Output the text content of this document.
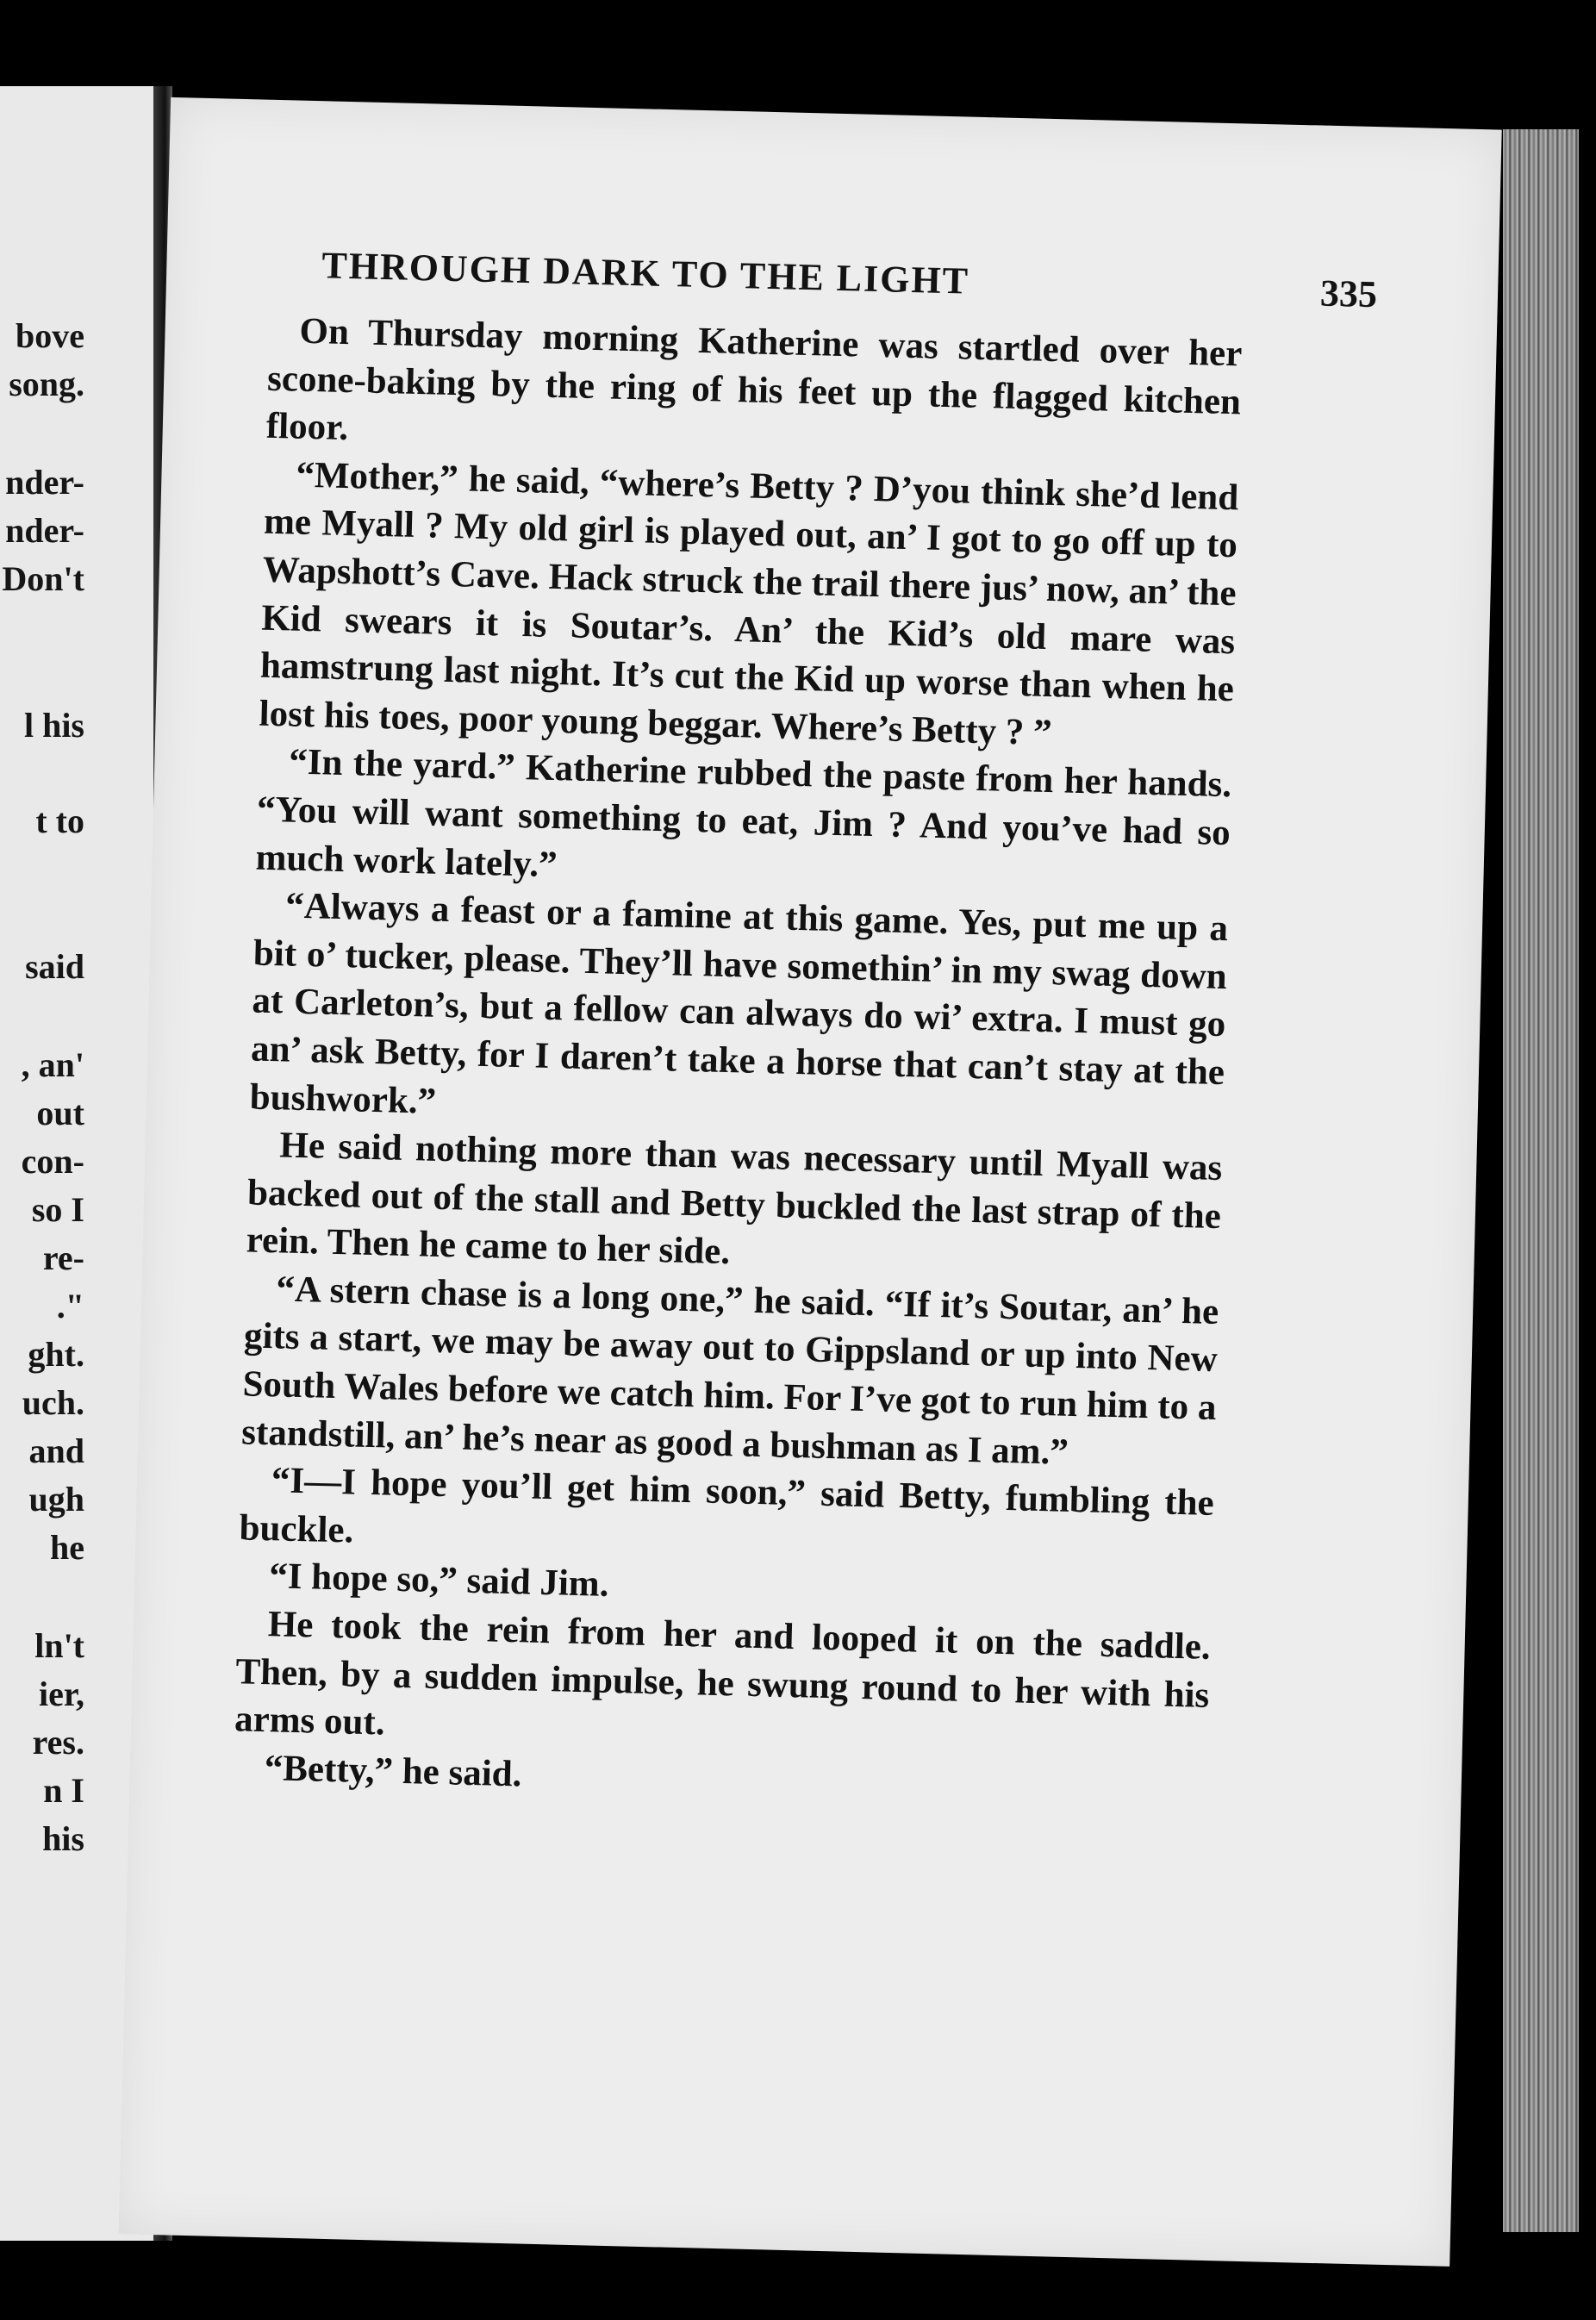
bove
song.
nder-
nder-
Don't
l his
t to
said
, an'
out
con-
so I
re-
."
ght.
uch.
and
ugh
he
ln't
ier,
res.
n I
his
THROUGH DARK TO THE LIGHT	335

On Thursday morning Katherine was startled over her scone-baking by the ring of his feet up the flagged kitchen floor.

“Mother,” he said, “where’s Betty ? D’you think she’d lend me Myall ? My old girl is played out, an’ I got to go off up to Wapshott’s Cave. Hack struck the trail there jus’ now, an’ the Kid swears it is Soutar’s. An’ the Kid’s old mare was hamstrung last night. It’s cut the Kid up worse than when he lost his toes, poor young beggar. Where’s Betty ? ”

“In the yard.” Katherine rubbed the paste from her hands. “You will want something to eat, Jim ? And you’ve had so much work lately.”

“Always a feast or a famine at this game. Yes, put me up a bit o’ tucker, please. They’ll have somethin’ in my swag down at Carleton’s, but a fellow can always do wi’ extra. I must go an’ ask Betty, for I daren’t take a horse that can’t stay at the bushwork.”

He said nothing more than was necessary until Myall was backed out of the stall and Betty buckled the last strap of the rein. Then he came to her side.

“A stern chase is a long one,” he said. “If it’s Soutar, an’ he gits a start, we may be away out to Gippsland or up into New South Wales before we catch him. For I’ve got to run him to a standstill, an’ he’s near as good a bushman as I am.”

“I—I hope you’ll get him soon,” said Betty, fumbling the buckle.

“I hope so,” said Jim.

He took the rein from her and looped it on the saddle. Then, by a sudden impulse, he swung round to her with his arms out.

“Betty,” he said.
